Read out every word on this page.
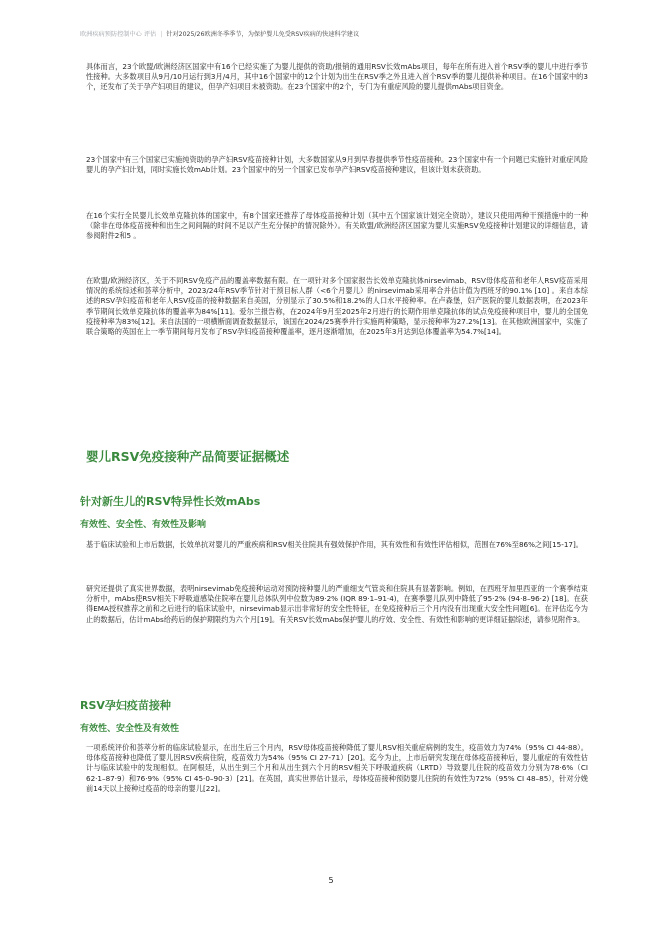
欧洲疾病预防控制中心 评估 | 针对2025/26欧洲冬季季节，为保护婴儿免受RSV疾病的快速科学建议

具体而言，23个欧盟/欧洲经济区国家中有16个已经实施了为婴儿提供的资助/报销的通用RSV长效mAbs项目，每年在所有进入首个RSV季的婴儿中进行季节性接种。大多数项目从9月/10月运行到3月/4月，其中16个国家中的12个计划为出生在RSV季之外且进入首个RSV季的婴儿提供补种项目。在16个国家中的3个，还发布了关于孕产妇项目的建议，但孕产妇项目未被资助。在23个国家中的2个，专门为有重症风险的婴儿提供mAbs项目资金。

23个国家中有三个国家已实施纯资助的孕产妇RSV疫苗接种计划，大多数国家从9月到早春提供季节性疫苗接种。23个国家中有一个问题已实施针对重症风险婴儿的孕产妇计划，同时实施长效mAb计划。23个国家中的另一个国家已发布孕产妇RSV疫苗接种建议，但该计划未获资助。

在16个实行全民婴儿长效单克隆抗体的国家中，有8个国家还推荐了母体疫苗接种计划（其中五个国家该计划完全资助），建议只使用两种干预措施中的一种（除非在母体疫苗接种和出生之间间隔的时间不足以产生充分保护的情况除外）。有关欧盟/欧洲经济区国家为婴儿实施RSV免疫接种计划建议的详细信息，请参阅附件2和5 。

在欧盟/欧洲经济区，关于不同RSV免疫产品的覆盖率数据有限。在一项针对多个国家报告长效单克隆抗体nirsevimab、RSV母体疫苗和老年人RSV疫苗采用情况的系统综述和荟萃分析中，2023/24年RSV季节针对干预目标人群（<6个月婴儿）的nirsevimab采用率合并估计值为西班牙的90.1% [10] 。来自本综述的RSV孕妇疫苗和老年人RSV疫苗的接种数据来自美国，分别显示了30.5%和18.2%的人口水平接种率。在卢森堡，妇产医院的婴儿数据表明，在2023年季节期间长效单克隆抗体的覆盖率为84%[11]。爱尔兰报告称，在2024年9月至2025年2月进行的长期作用单克隆抗体的试点免疫接种项目中，婴儿的全国免疫接种率为83%[12]。来自法国的一项横断面调查数据显示，该国在2024/25赛季并行实施两种策略，显示接种率为27.2%[13]。在其他欧洲国家中，实施了联合策略的英国在上一季节期间每月发布了RSV孕妇疫苗接种覆盖率，逐月逐渐增加，在2025年3月达到总体覆盖率为54.7%[14]。

婴儿RSV免疫接种产品简要证据概述
针对新生儿的RSV特异性长效mAbs
有效性、安全性、有效性及影响

基于临床试验和上市后数据，长效单抗对婴儿的严重疾病和RSV相关住院具有强效保护作用，其有效性和有效性评估相似，范围在76%至86%之间[15-17]。

研究还提供了真实世界数据，表明nirsevimab免疫接种运动对预防接种婴儿的严重细支气管炎和住院具有显著影响。例如，在西班牙加里西亚的一个赛季结束分析中，mAbs使RSV相关下呼吸道感染住院率在婴儿总体队列中位数为89·2% (IQR 89·1–91·4)，在赛季婴儿队列中降低了95·2% (94·8–96·2) [18]。在获得EMA授权推荐之前和之后进行的临床试验中，nirsevimab显示出非常好的安全性特征，在免疫接种后三个月内没有出现重大安全性问题[6]。在评估迄今为止的数据后，估计mAbs给药后的保护期限约为六个月[19]。有关RSV长效mAbs保护婴儿的疗效、安全性、有效性和影响的更详细证据综述，请参见附件3。

RSV孕妇疫苗接种
有效性、安全性及有效性

一项系统评价和荟萃分析的临床试验显示，在出生后三个月内，RSV母体疫苗接种降低了婴儿RSV相关重症病例的发生，疫苗效力为74%（95% CI 44-88）。母体疫苗接种也降低了婴儿因RSV疾病住院，疫苗效力为54%（95% CI 27-71）[20]。迄今为止，上市后研究发现在母体疫苗接种后，婴儿重症的有效性估计与临床试验中的发现相似。在阿根廷，从出生到三个月和从出生到六个月的RSV相关下呼吸道疾病（LRTD）导致婴儿住院的疫苗效力分别为78·6%（CI 62·1–87·9）和76·9%（95% CI 45·0–90·3）[21]。在英国，真实世界估计显示，母体疫苗接种预防婴儿住院的有效性为72%（95% CI 48–85），针对分娩前14天以上接种过疫苗的母亲的婴儿[22]。

5
